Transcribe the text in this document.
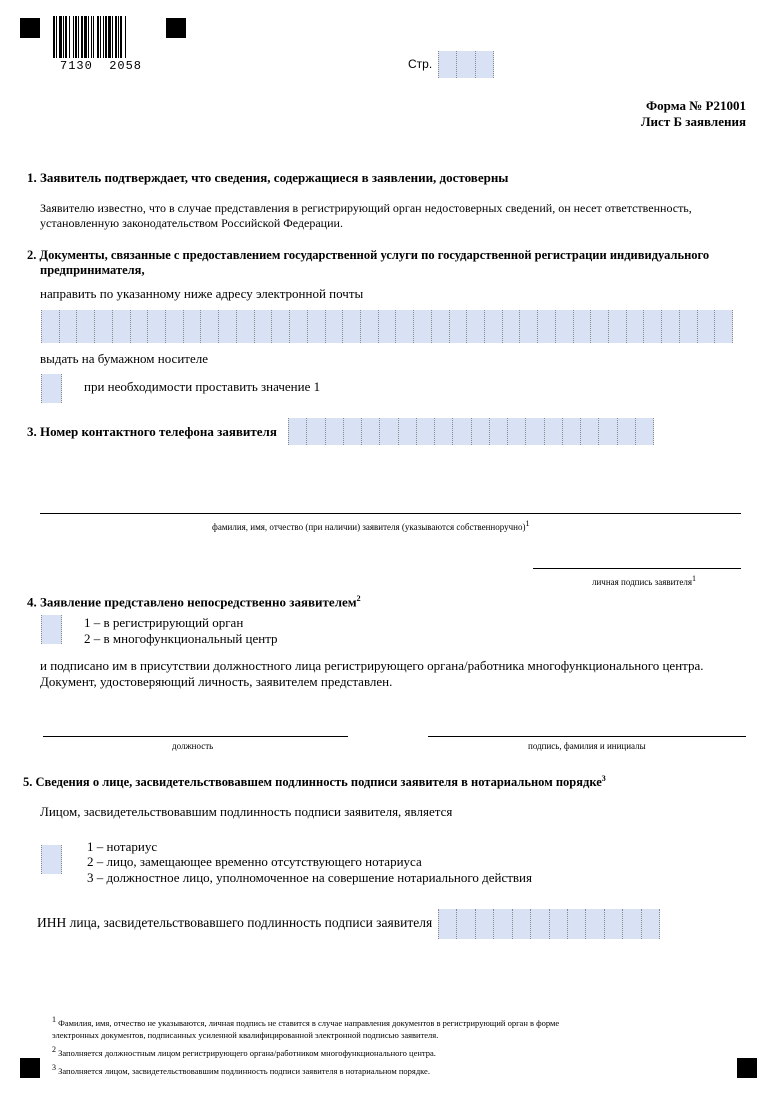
7130  2058	Стр.
Форма № Р21001
Лист Б заявления
1. Заявитель подтверждает, что сведения, содержащиеся в заявлении, достоверны
Заявителю известно, что в случае представления в регистрирующий орган недостоверных сведений, он несет ответственность,
установленную законодательством Российской Федерации.
2. Документы, связанные с предоставлением государственной услуги по государственной регистрации индивидуального
предпринимателя,
направить по указанному ниже адресу электронной почты
выдать на бумажном носителе
при необходимости проставить значение 1
3. Номер контактного телефона заявителя
фамилия, имя, отчество (при наличии) заявителя (указываются собственноручно)$^1$
личная подпись заявителя$^1$
4. Заявление представлено непосредственно заявителем$^2$
1 – в регистрирующий орган
2 – в многофункциональный центр
и подписано им в присутствии должностного лица регистрирующего органа/работника многофункционального центра.
Документ, удостоверяющий личность, заявителем представлен.
должность	подпись, фамилия и инициалы
5. Сведения о лице, засвидетельствовавшем подлинность подписи заявителя в нотариальном порядке$^3$
Лицом, засвидетельствовавшим подлинность подписи заявителя, является
1 – нотариус
2 – лицо, замещающее временно отсутствующего нотариуса
3 – должностное лицо, уполномоченное на совершение нотариального действия
ИНН лица, засвидетельствовавшего подлинность подписи заявителя
$^1$ Фамилия, имя, отчество не указываются, личная подпись не ставится в случае направления документов в регистрирующий орган в форме
электронных документов, подписанных усиленной квалифицированной электронной подписью заявителя.
$^2$ Заполняется должностным лицом регистрирующего органа/работником многофункционального центра.
$^3$ Заполняется лицом, засвидетельствовавшим подлинность подписи заявителя в нотариальном порядке.
